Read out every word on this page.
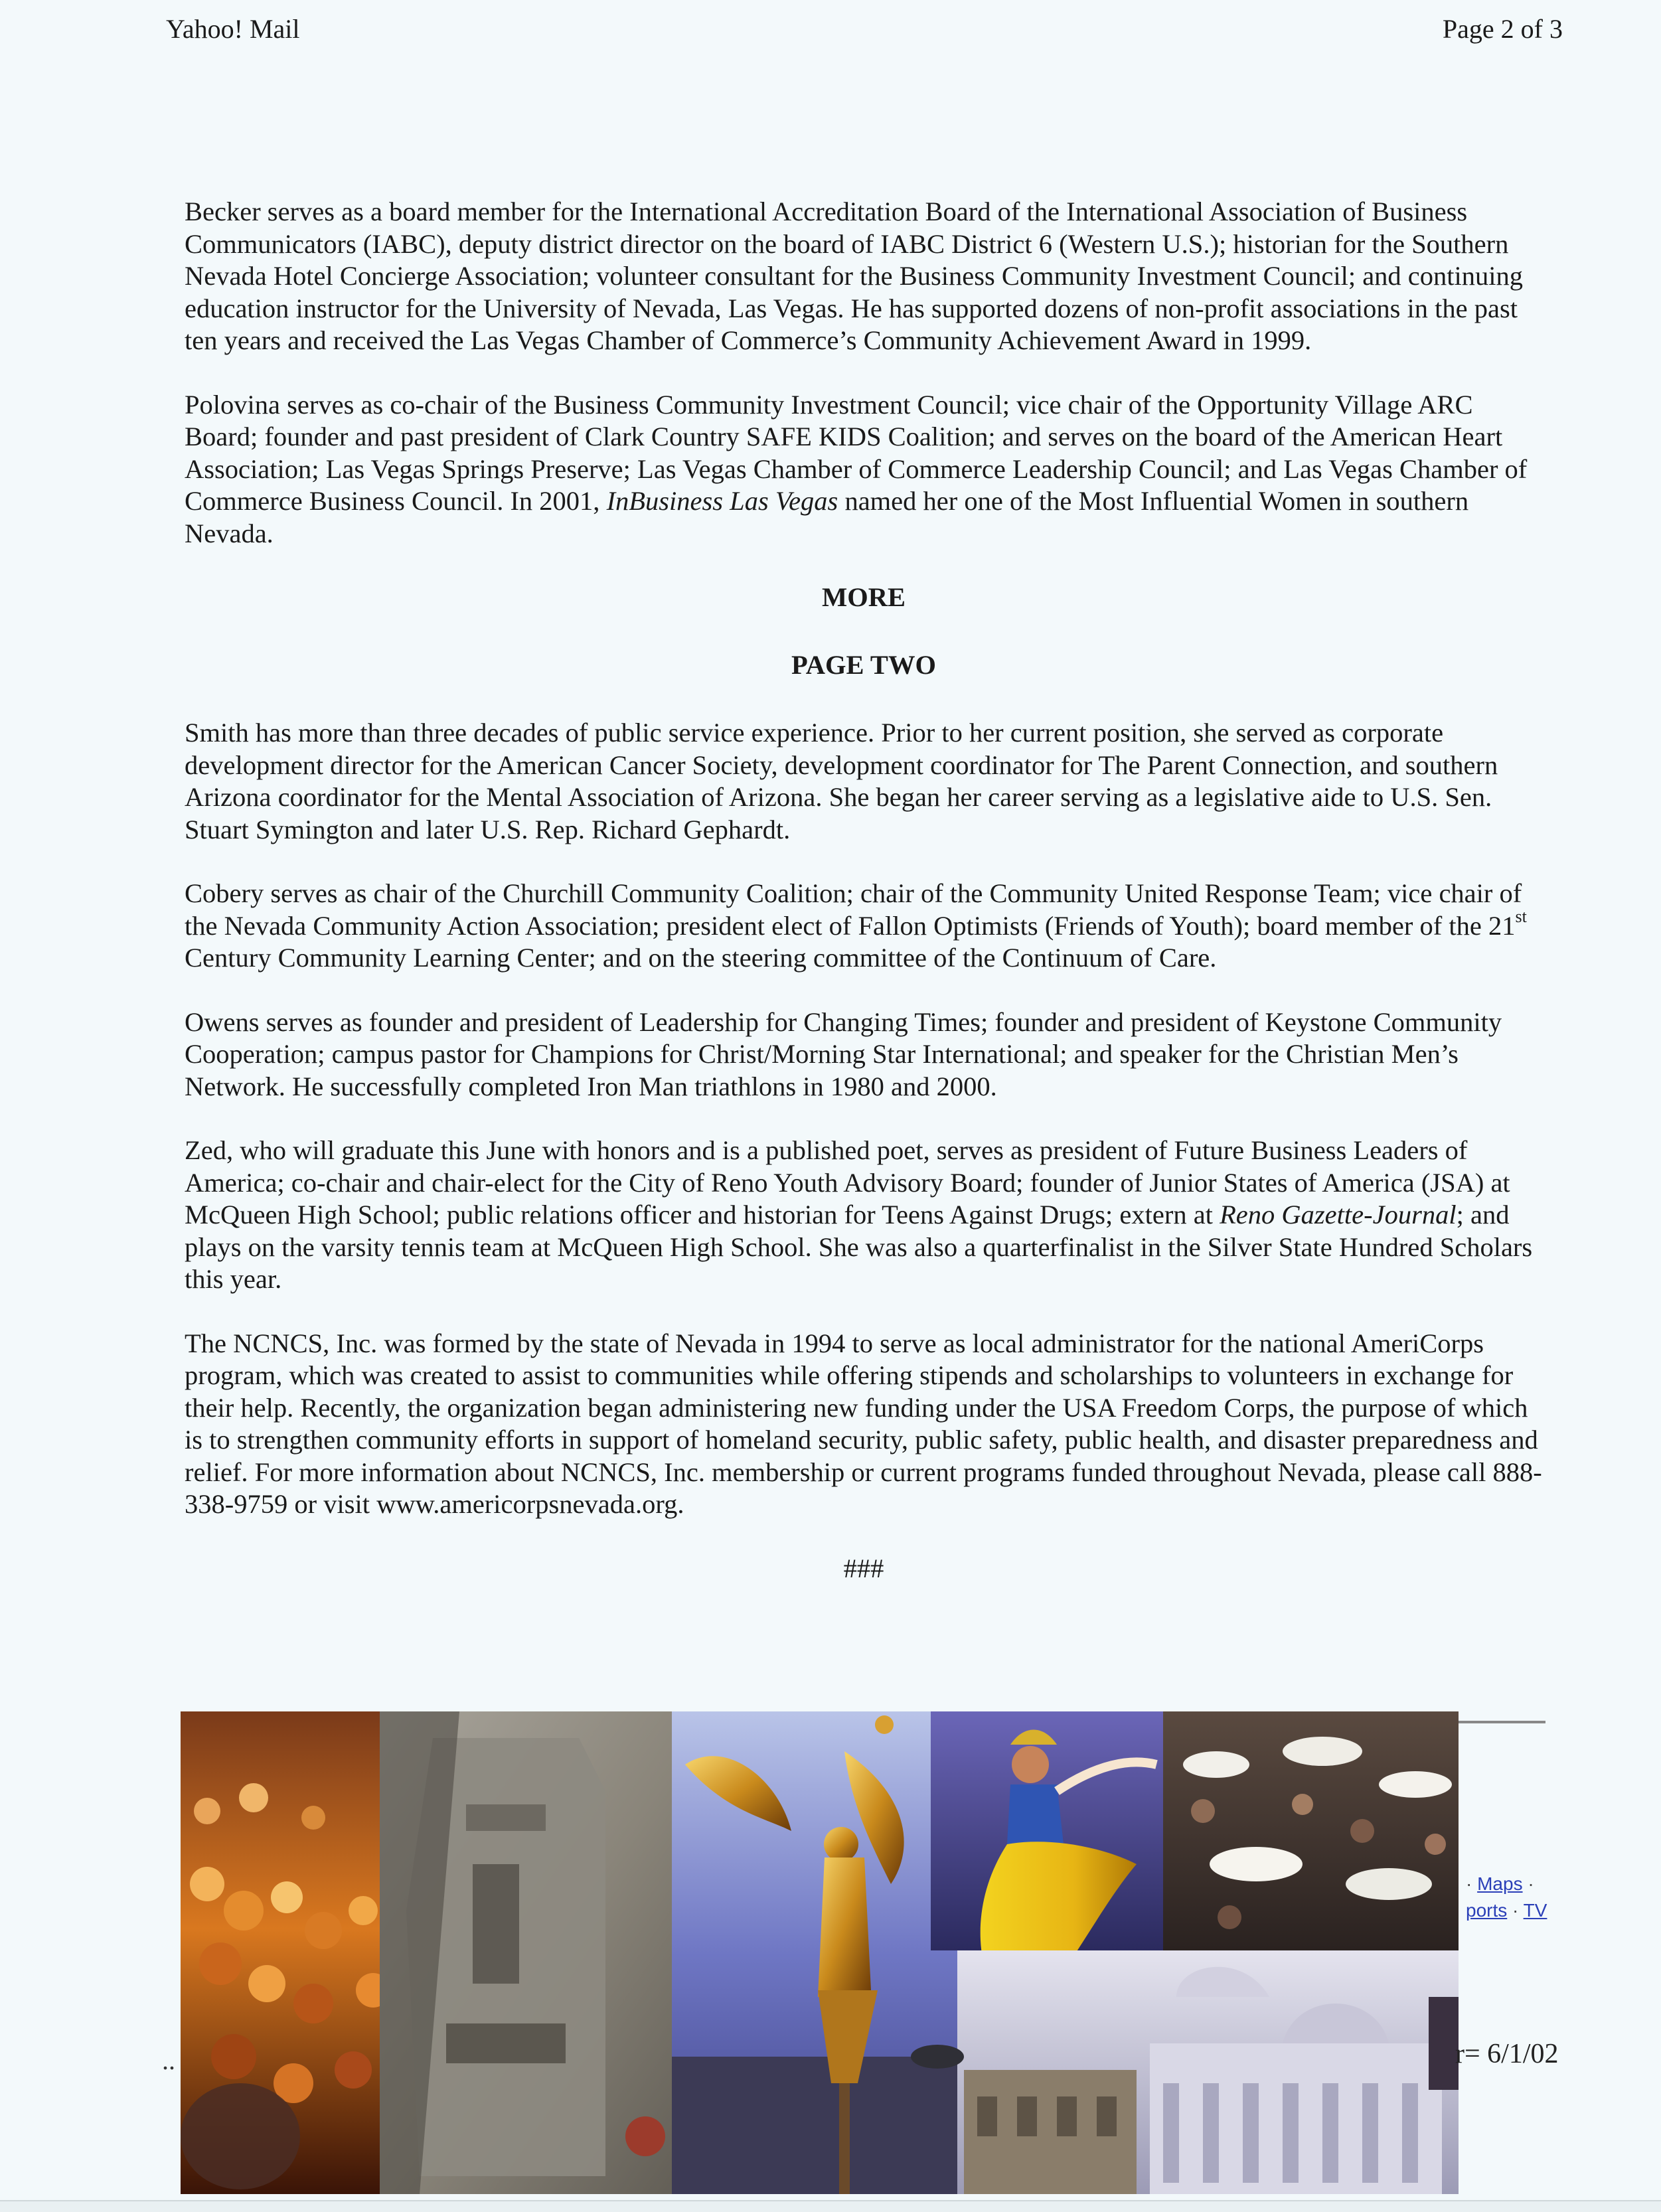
Yahoo! Mail	Page 2 of 3

Becker serves as a board member for the International Accreditation Board of the International Association of Business Communicators (IABC), deputy district director on the board of IABC District 6 (Western U.S.); historian for the Southern Nevada Hotel Concierge Association; volunteer consultant for the Business Community Investment Council; and continuing education instructor for the University of Nevada, Las Vegas. He has supported dozens of non-profit associations in the past ten years and received the Las Vegas Chamber of Commerce’s Community Achievement Award in 1999.

Polovina serves as co-chair of the Business Community Investment Council; vice chair of the Opportunity Village ARC Board; founder and past president of Clark Country SAFE KIDS Coalition; and serves on the board of the American Heart Association; Las Vegas Springs Preserve; Las Vegas Chamber of Commerce Leadership Council; and Las Vegas Chamber of Commerce Business Council. In 2001, InBusiness Las Vegas named her one of the Most Influential Women in southern Nevada.

MORE

PAGE TWO

Smith has more than three decades of public service experience. Prior to her current position, she served as corporate development director for the American Cancer Society, development coordinator for The Parent Connection, and southern Arizona coordinator for the Mental Association of Arizona. She began her career serving as a legislative aide to U.S. Sen. Stuart Symington and later U.S. Rep. Richard Gephardt.

Cobery serves as chair of the Churchill Community Coalition; chair of the Community United Response Team; vice chair of the Nevada Community Action Association; president elect of Fallon Optimists (Friends of Youth); board member of the 21st Century Community Learning Center; and on the steering committee of the Continuum of Care.

Owens serves as founder and president of Leadership for Changing Times; founder and president of Keystone Community Cooperation; campus pastor for Champions for Christ/Morning Star International; and speaker for the Christian Men’s Network. He successfully completed Iron Man triathlons in 1980 and 2000.

Zed, who will graduate this June with honors and is a published poet, serves as president of Future Business Leaders of America; co-chair and chair-elect for the City of Reno Youth Advisory Board; founder of Junior States of America (JSA) at McQueen High School; public relations officer and historian for Teens Against Drugs; extern at Reno Gazette-Journal; and plays on the varsity tennis team at McQueen High School. She was also a quarterfinalist in the Silver State Hundred Scholars this year.

The NCNCS, Inc. was formed by the state of Nevada in 1994 to serve as local administrator for the national AmeriCorps program, which was created to assist to communities while offering stipends and scholarships to volunteers in exchange for their help. Recently, the organization began administering new funding under the USA Freedom Corps, the purpose of which is to strengthen community efforts in support of homeland security, public safety, public health, and disaster preparedness and relief. For more information about NCNCS, Inc. membership or current programs funded throughout Nevada, please call 888-338-9759 or visit www.americorpsnevada.org.

###
· Maps ·
ports · TV
..	r= 6/1/02
